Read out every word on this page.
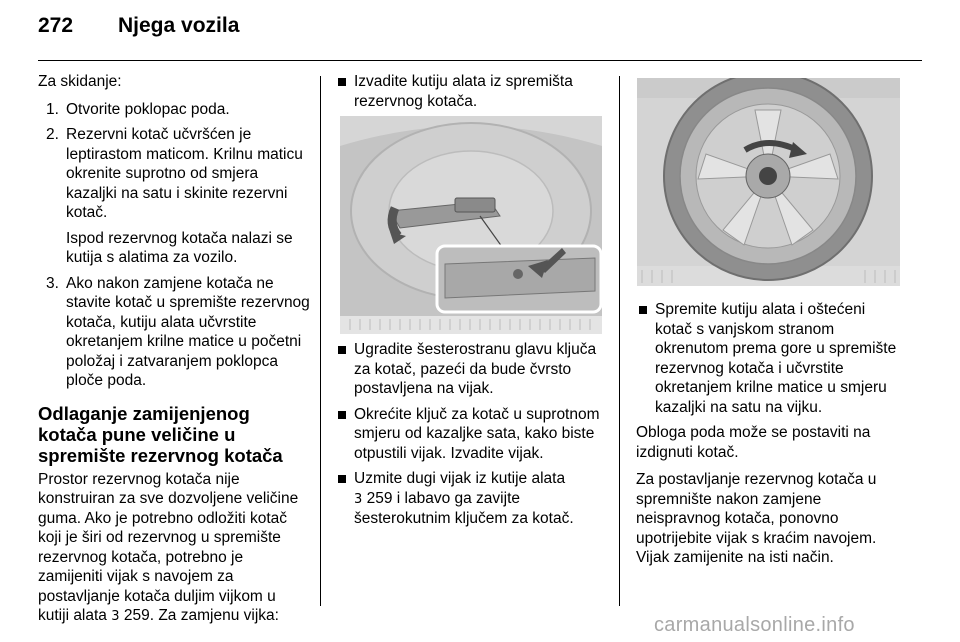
272	Njega vozila

Za skidanje:

1. Otvorite poklopac poda.
2. Rezervni kotač učvršćen je leptirastom maticom. Krilnu maticu okrenite suprotno od smjera kazaljki na satu i skinite rezervni kotač.

Ispod rezervnog kotača nalazi se kutija s alatima za vozilo.

3. Ako nakon zamjene kotača ne stavite kotač u spremište rezervnog kotača, kutiju alata učvrstite okretanjem krilne matice u početni položaj i zatvaranjem poklopca ploče poda.
Odlaganje zamijenjenog kotača pune veličine u spremište rezervnog kotača

Prostor rezervnog kotača nije konstruiran za sve dozvoljene veličine guma. Ako je potrebno odložiti kotač koji je širi od rezervnog u spremište rezervnog kotača, potrebno je zamijeniti vijak s navojem za postavljanje kotača duljim vijkom u kutiji alata 3 259. Za zamjenu vijka:

Izvadite kutiju alata iz spremišta rezervnog kotača.
Ugradite šesterostranu glavu ključa za kotač, pazeći da bude čvrsto postavljena na vijak.
Okrećite ključ za kotač u suprotnom smjeru od kazaljke sata, kako biste otpustili vijak. Izvadite vijak.
Uzmite dugi vijak iz kutije alata
3 259 i labavo ga zavijte šesterokutnim ključem za kotač.
Spremite kutiju alata i oštećeni kotač s vanjskom stranom okrenutom prema gore u spremište rezervnog kotača i učvrstite okretanjem krilne matice u smjeru kazaljki na satu na vijku.

Obloga poda može se postaviti na izdignuti kotač.

Za postavljanje rezervnog kotača u spremnište nakon zamjene neispravnog kotača, ponovno upotrijebite vijak s kraćim navojem. Vijak zamijenite na isti način.

carmanualsonline.info
